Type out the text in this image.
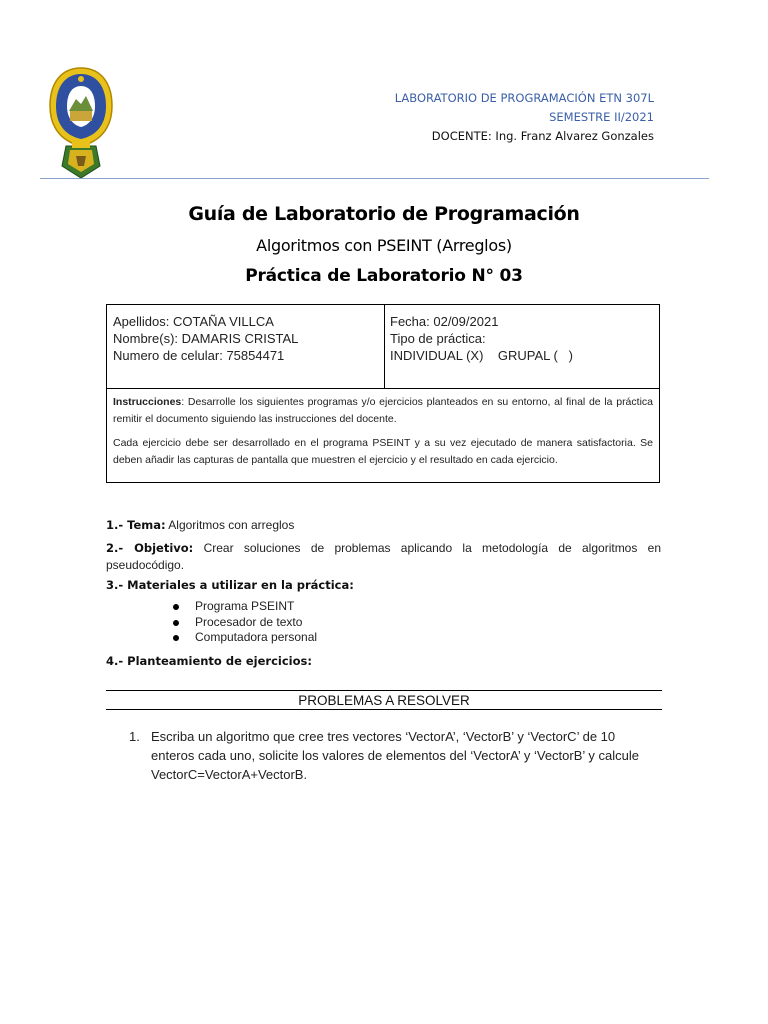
LABORATORIO DE PROGRAMACIÓN ETN 307L
SEMESTRE II/2021
DOCENTE: Ing. Franz Alvarez Gonzales
Guía de Laboratorio de Programación
Algoritmos con PSEINT (Arreglos)
Práctica de Laboratorio N° 03
Apellidos: COTAÑA VILLCA
Nombre(s): DAMARIS CRISTAL
Numero de celular: 75854471
Fecha: 02/09/2021
Tipo de práctica:
INDIVIDUAL (X)    GRUPAL (   )

Instrucciones: Desarrolle los siguientes programas y/o ejercicios planteados en su entorno, al final de la práctica remitir el documento siguiendo las instrucciones del docente.

Cada ejercicio debe ser desarrollado en el programa PSEINT y a su vez ejecutado de manera satisfactoria. Se deben añadir las capturas de pantalla que muestren el ejercicio y el resultado en cada ejercicio.

1.- Tema: Algoritmos con arreglos
2.- Objetivo: Crear soluciones de problemas aplicando la metodología de algoritmos en pseudocódigo.
3.- Materiales a utilizar en la práctica:
Programa PSEINT
Procesador de texto
Computadora personal
4.- Planteamiento de ejercicios:
PROBLEMAS A RESOLVER
1. Escriba un algoritmo que cree tres vectores ‘VectorA’, ‘VectorB’ y ‘VectorC’ de 10 enteros cada uno, solicite los valores de elementos del ‘VectorA’ y ‘VectorB’ y calcule VectorC=VectorA+VectorB.
